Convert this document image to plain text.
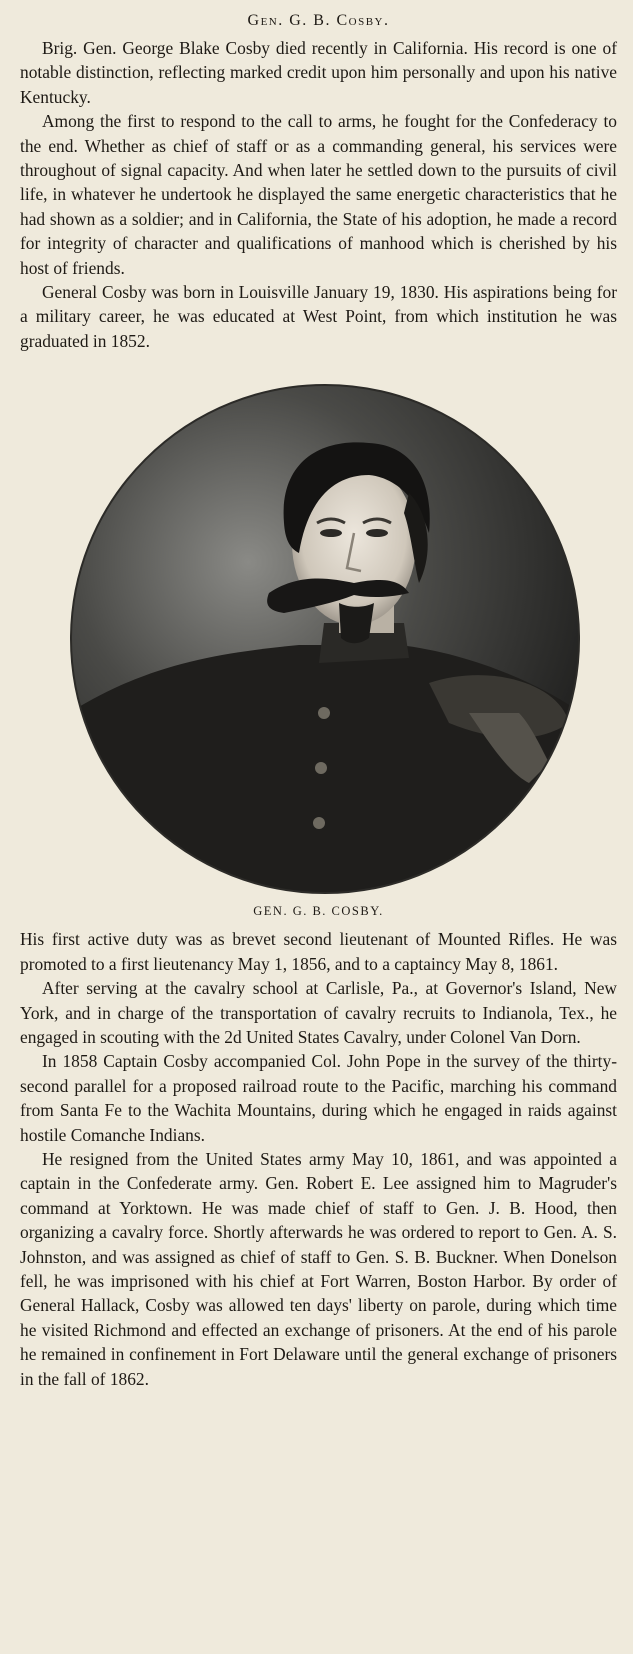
Gen. G. B. Cosby.

Brig. Gen. George Blake Cosby died recently in California. His record is one of notable distinction, reflecting marked credit upon him personally and upon his native Kentucky.

Among the first to respond to the call to arms, he fought for the Confederacy to the end. Whether as chief of staff or as a commanding general, his services were throughout of signal capacity. And when later he settled down to the pursuits of civil life, in whatever he undertook he displayed the same energetic characteristics that he had shown as a soldier; and in California, the State of his adoption, he made a record for integrity of character and qualifications of manhood which is cherished by his host of friends.

General Cosby was born in Louisville January 19, 1830. His aspirations being for a military career, he was educated at West Point, from which institution he was graduated in 1852.

GEN. G. B. COSBY.

His first active duty was as brevet second lieutenant of Mounted Rifles. He was promoted to a first lieutenancy May 1, 1856, and to a captaincy May 8, 1861.

After serving at the cavalry school at Carlisle, Pa., at Governor's Island, New York, and in charge of the transportation of cavalry recruits to Indianola, Tex., he engaged in scouting with the 2d United States Cavalry, under Colonel Van Dorn.

In 1858 Captain Cosby accompanied Col. John Pope in the survey of the thirty-second parallel for a proposed railroad route to the Pacific, marching his command from Santa Fe to the Wachita Mountains, during which he engaged in raids against hostile Comanche Indians.

He resigned from the United States army May 10, 1861, and was appointed a captain in the Confederate army. Gen. Robert E. Lee assigned him to Magruder's command at Yorktown. He was made chief of staff to Gen. J. B. Hood, then organizing a cavalry force. Shortly afterwards he was ordered to report to Gen. A. S. Johnston, and was assigned as chief of staff to Gen. S. B. Buckner. When Donelson fell, he was imprisoned with his chief at Fort Warren, Boston Harbor. By order of General Hallack, Cosby was allowed ten days' liberty on parole, during which time he visited Richmond and effected an exchange of prisoners. At the end of his parole he remained in confinement in Fort Delaware until the general exchange of prisoners in the fall of 1862.
